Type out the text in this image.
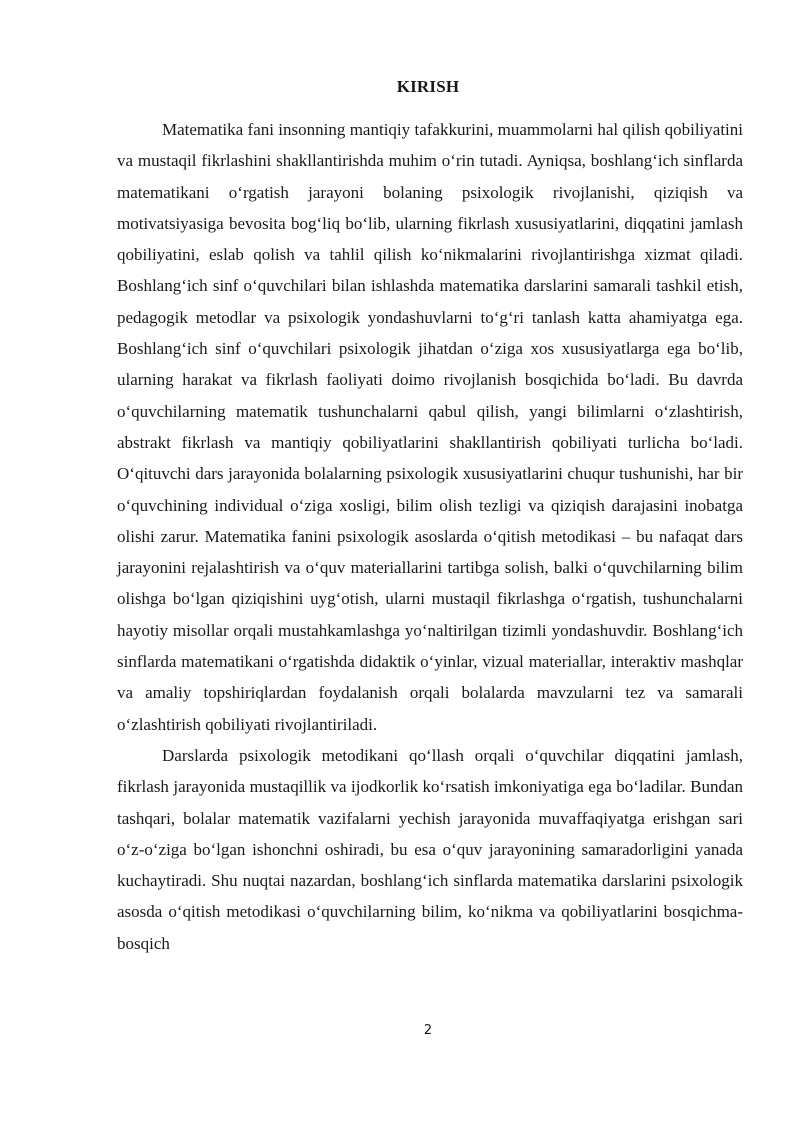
KIRISH

Matematika fani insonning mantiqiy tafakkurini, muammolarni hal qilish qobiliyatini va mustaqil fikrlashini shakllantirishda muhim o‘rin tutadi. Ayniqsa, boshlang‘ich sinflarda matematikani o‘rgatish jarayoni bolaning psixologik rivojlanishi, qiziqish va motivatsiyasiga bevosita bog‘liq bo‘lib, ularning fikrlash xususiyatlarini, diqqatini jamlash qobiliyatini, eslab qolish va tahlil qilish ko‘nikmalarini rivojlantirishga xizmat qiladi. Boshlang‘ich sinf o‘quvchilari bilan ishlashda matematika darslarini samarali tashkil etish, pedagogik metodlar va psixologik yondashuvlarni to‘g‘ri tanlash katta ahamiyatga ega. Boshlang‘ich sinf o‘quvchilari psixologik jihatdan o‘ziga xos xususiyatlarga ega bo‘lib, ularning harakat va fikrlash faoliyati doimo rivojlanish bosqichida bo‘ladi. Bu davrda o‘quvchilarning matematik tushunchalarni qabul qilish, yangi bilimlarni o‘zlashtirish, abstrakt fikrlash va mantiqiy qobiliyatlarini shakllantirish qobiliyati turlicha bo‘ladi. O‘qituvchi dars jarayonida bolalarning psixologik xususiyatlarini chuqur tushunishi, har bir o‘quvchining individual o‘ziga xosligi, bilim olish tezligi va qiziqish darajasini inobatga olishi zarur. Matematika fanini psixologik asoslarda o‘qitish metodikasi – bu nafaqat dars jarayonini rejalashtirish va o‘quv materiallarini tartibga solish, balki o‘quvchilarning bilim olishga bo‘lgan qiziqishini uyg‘otish, ularni mustaqil fikrlashga o‘rgatish, tushunchalarni hayotiy misollar orqali mustahkamlashga yo‘naltirilgan tizimli yondashuvdir. Boshlang‘ich sinflarda matematikani o‘rgatishda didaktik o‘yinlar, vizual materiallar, interaktiv mashqlar va amaliy topshiriqlardan foydalanish orqali bolalarda mavzularni tez va samarali o‘zlashtirish qobiliyati rivojlantiriladi.

Darslarda psixologik metodikani qo‘llash orqali o‘quvchilar diqqatini jamlash, fikrlash jarayonida mustaqillik va ijodkorlik ko‘rsatish imkoniyatiga ega bo‘ladilar. Bundan tashqari, bolalar matematik vazifalarni yechish jarayonida muvaffaqiyatga erishgan sari o‘z-o‘ziga bo‘lgan ishonchni oshiradi, bu esa o‘quv jarayonining samaradorligini yanada kuchaytiradi. Shu nuqtai nazardan, boshlang‘ich sinflarda matematika darslarini psixologik asosda o‘qitish metodikasi o‘quvchilarning bilim, ko‘nikma va qobiliyatlarini bosqichma-bosqich

2
